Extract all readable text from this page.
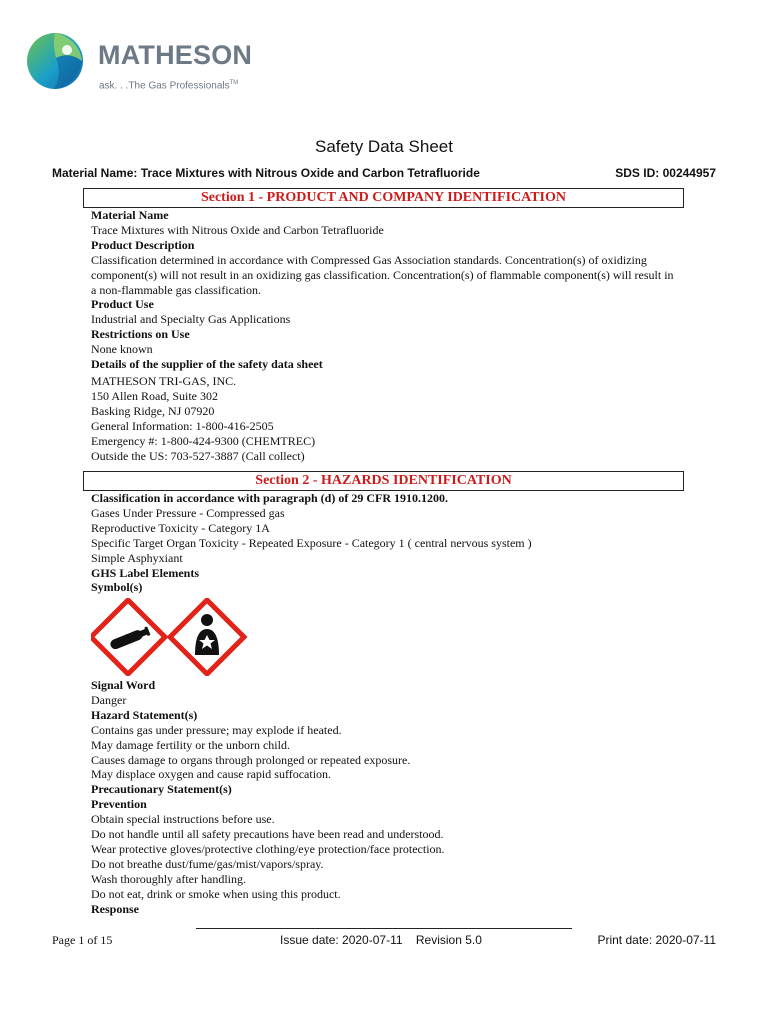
MATHESON
ask. . .The Gas Professionals™
Safety Data Sheet
Material Name: Trace Mixtures with Nitrous Oxide and Carbon Tetrafluoride	SDS ID: 00244957
Section 1 - PRODUCT AND COMPANY IDENTIFICATION
Material Name
Trace Mixtures with Nitrous Oxide and Carbon Tetrafluoride
Product Description
Classification determined in accordance with Compressed Gas Association standards. Concentration(s) of oxidizing component(s) will not result in an oxidizing gas classification. Concentration(s) of flammable component(s) will result in a non-flammable gas classification.
Product Use
Industrial and Specialty Gas Applications
Restrictions on Use
None known
Details of the supplier of the safety data sheet
MATHESON TRI-GAS, INC.
150 Allen Road, Suite 302
Basking Ridge, NJ 07920
General Information: 1-800-416-2505
Emergency #: 1-800-424-9300 (CHEMTREC)
Outside the US: 703-527-3887 (Call collect)
Section 2 - HAZARDS IDENTIFICATION
Classification in accordance with paragraph (d) of 29 CFR 1910.1200.
Gases Under Pressure - Compressed gas
Reproductive Toxicity - Category 1A
Specific Target Organ Toxicity - Repeated Exposure - Category 1 ( central nervous system )
Simple Asphyxiant
GHS Label Elements
Symbol(s)
Signal Word
Danger
Hazard Statement(s)
Contains gas under pressure; may explode if heated.
May damage fertility or the unborn child.
Causes damage to organs through prolonged or repeated exposure.
May displace oxygen and cause rapid suffocation.
Precautionary Statement(s)
Prevention
Obtain special instructions before use.
Do not handle until all safety precautions have been read and understood.
Wear protective gloves/protective clothing/eye protection/face protection.
Do not breathe dust/fume/gas/mist/vapors/spray.
Wash thoroughly after handling.
Do not eat, drink or smoke when using this product.
Response
Page 1 of 15	Issue date: 2020-07-11    Revision 5.0	Print date: 2020-07-11
